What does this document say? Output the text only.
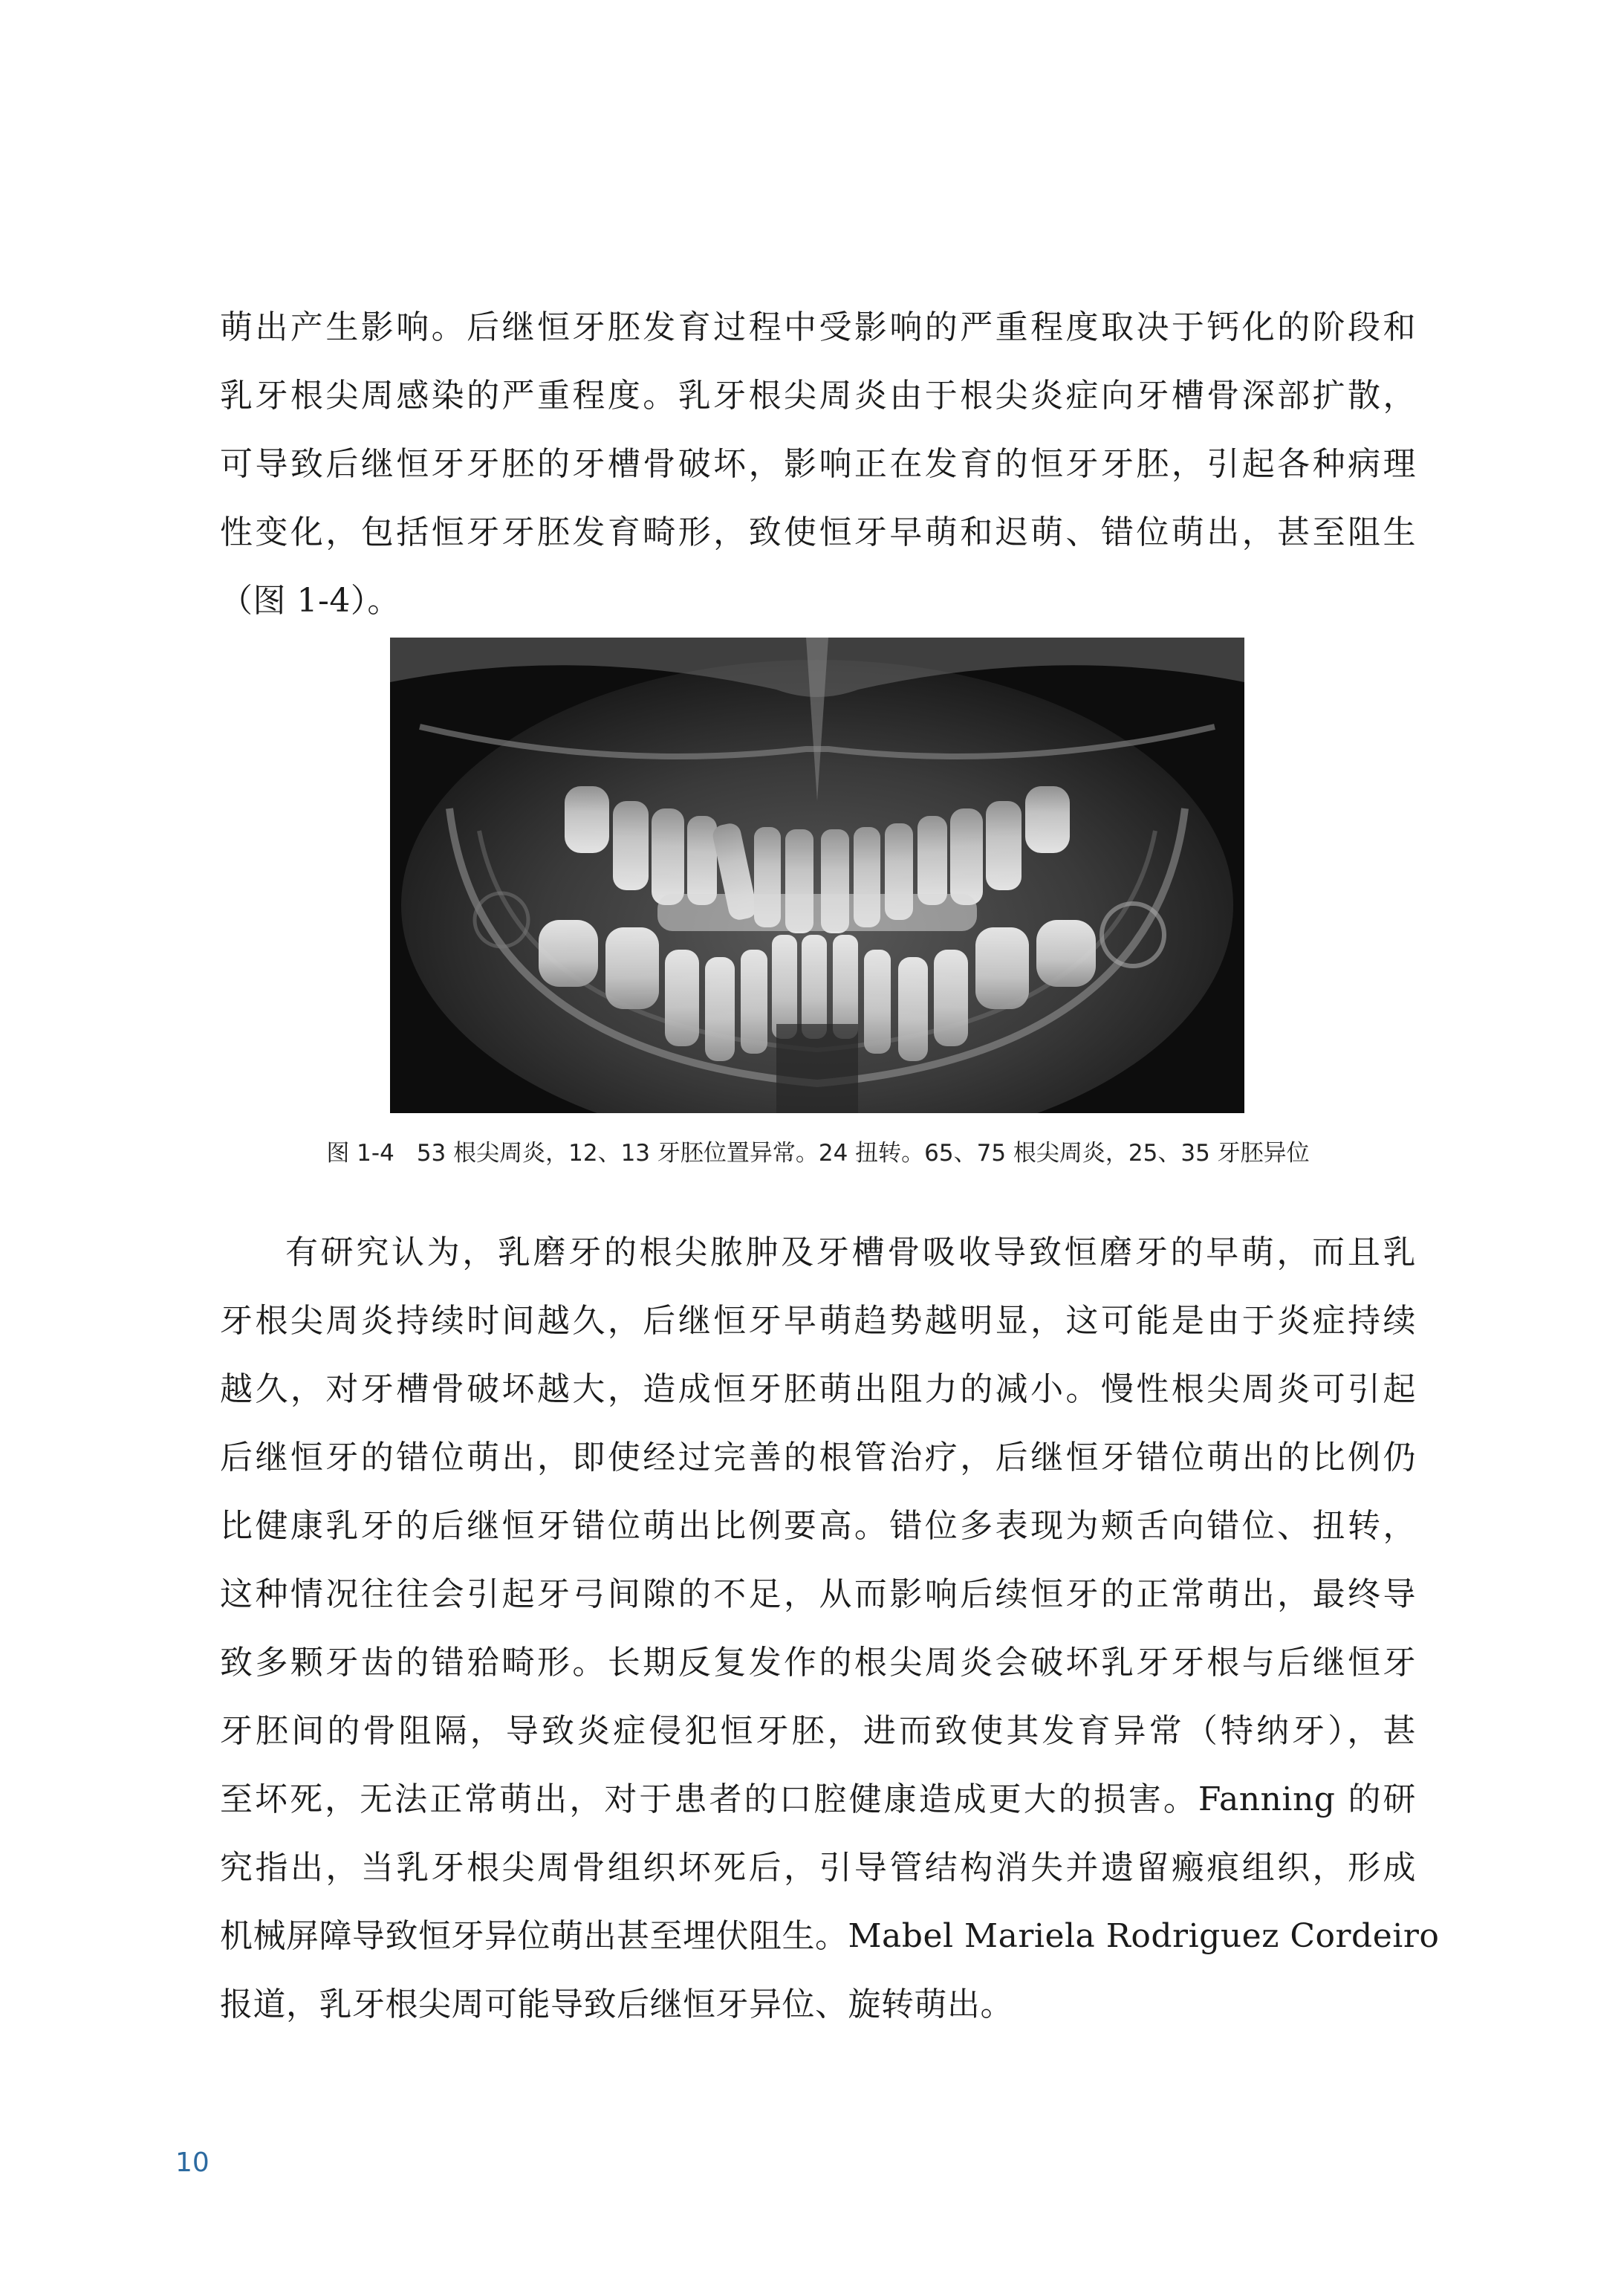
萌出产生影响。后继恒牙胚发育过程中受影响的严重程度取决于钙化的阶段和
乳牙根尖周感染的严重程度。乳牙根尖周炎由于根尖炎症向牙槽骨深部扩散，
可导致后继恒牙牙胚的牙槽骨破坏，影响正在发育的恒牙牙胚，引起各种病理
性变化，包括恒牙牙胚发育畸形，致使恒牙早萌和迟萌、错位萌出，甚至阻生
（图 1-4）。
图 1-4 53 根尖周炎，12、13 牙胚位置异常。24 扭转。65、75 根尖周炎，25、35 牙胚异位
有研究认为，乳磨牙的根尖脓肿及牙槽骨吸收导致恒磨牙的早萌，而且乳
牙根尖周炎持续时间越久，后继恒牙早萌趋势越明显，这可能是由于炎症持续
越久，对牙槽骨破坏越大，造成恒牙胚萌出阻力的减小。慢性根尖周炎可引起
后继恒牙的错位萌出，即使经过完善的根管治疗，后继恒牙错位萌出的比例仍
比健康乳牙的后继恒牙错位萌出比例要高。错位多表现为颊舌向错位、扭转，
这种情况往往会引起牙弓间隙的不足，从而影响后续恒牙的正常萌出，最终导
致多颗牙齿的错𬌗畸形。长期反复发作的根尖周炎会破坏乳牙牙根与后继恒牙
牙胚间的骨阻隔，导致炎症侵犯恒牙胚，进而致使其发育异常（特纳牙），甚
至坏死，无法正常萌出，对于患者的口腔健康造成更大的损害。Fanning 的研
究指出，当乳牙根尖周骨组织坏死后，引导管结构消失并遗留瘢痕组织，形成
机械屏障导致恒牙异位萌出甚至埋伏阻生。Mabel Mariela Rodriguez Cordeiro
报道，乳牙根尖周可能导致后继恒牙异位、旋转萌出。
10
